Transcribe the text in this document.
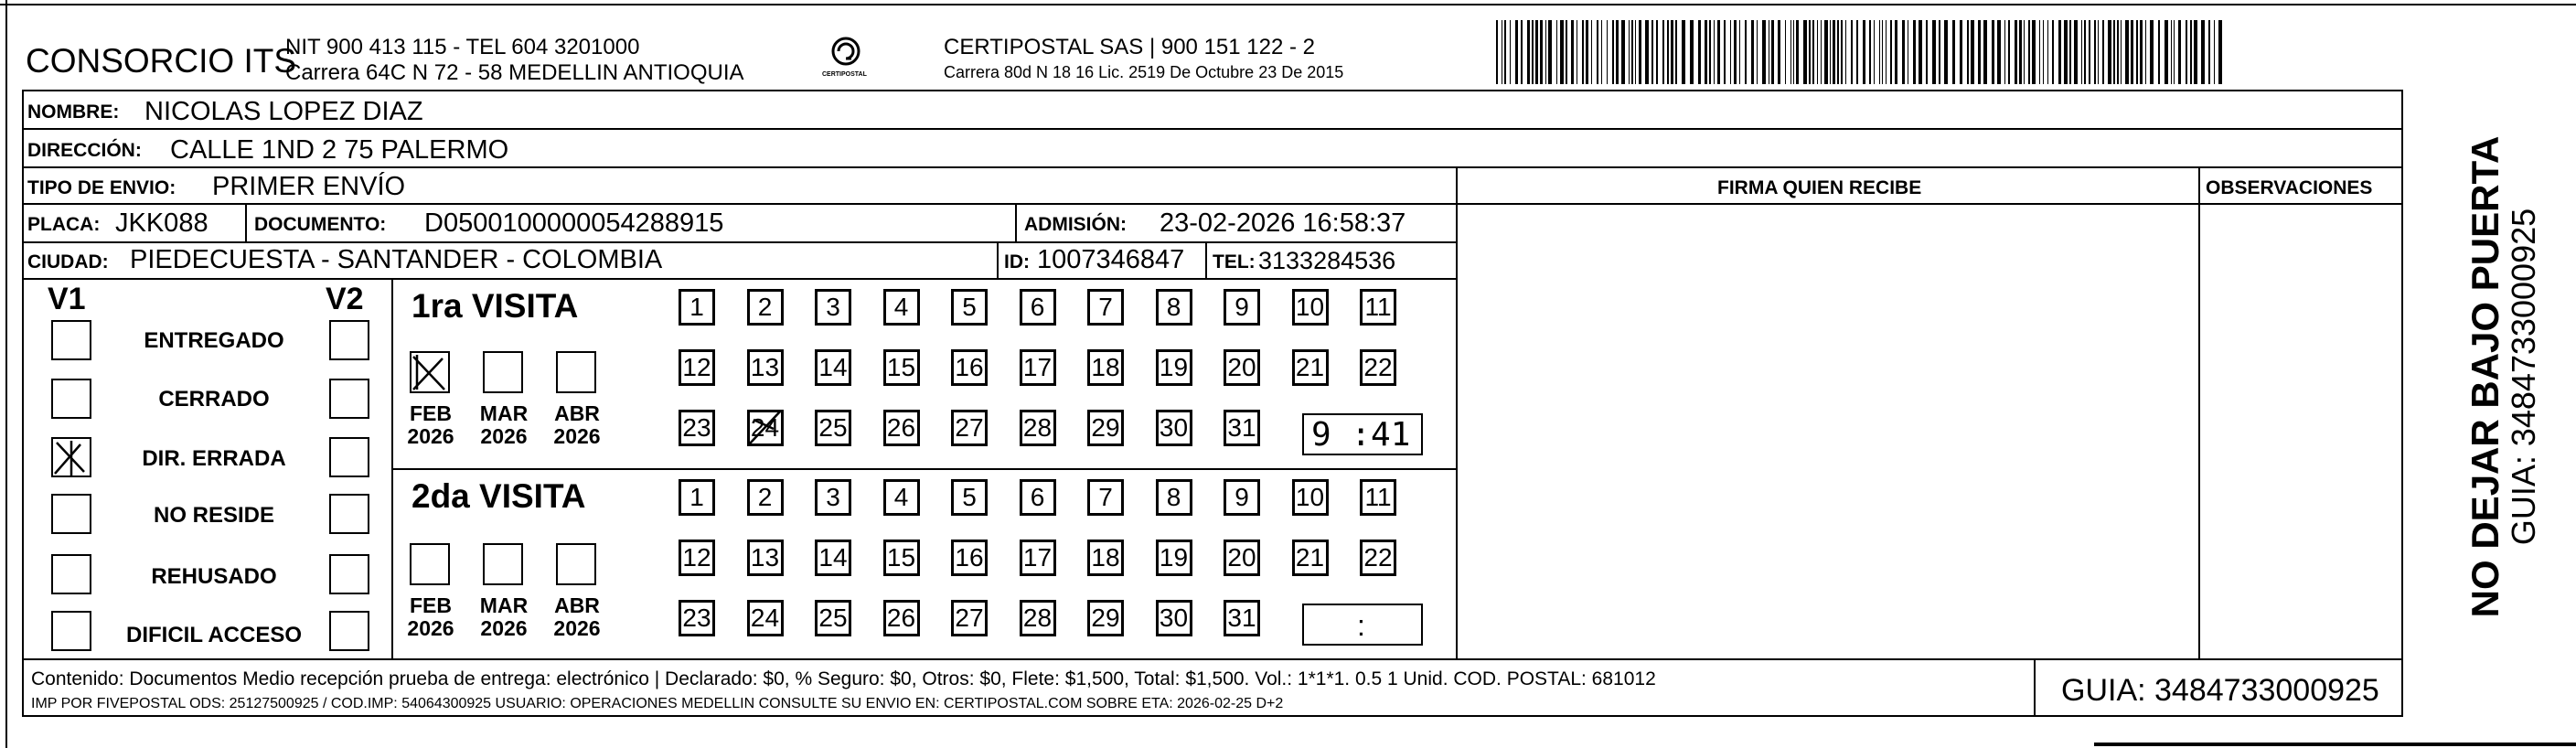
CONSORCIO ITS
NIT 900 413 115 - TEL 604 3201000
Carrera 64C N 72 - 58 MEDELLIN ANTIOQUIA	CERTIPOSTAL
CERTIPOSTAL SAS | 900 151 122 - 2
Carrera 80d N 18 16 Lic. 2519 De Octubre 23 De 2015
NOMBRE: NICOLAS LOPEZ DIAZ
DIRECCIÓN: CALLE 1ND 2 75 PALERMO
TIPO DE ENVIO: PRIMER ENVÍO	FIRMA QUIEN RECIBE	OBSERVACIONES
PLACA: JKK088 DOCUMENTO: D0500100000054288915	ADMISIÓN: 23-02-2026 16:58:37
CIUDAD: PIEDECUESTA - SANTANDER - COLOMBIA	ID: 1007346847 TEL: 3133284536
V1	V2
ENTREGADO
CERRADO
DIR. ERRADA
NO RESIDE
REHUSADO
DIFICIL ACCESO
1ra VISITA
FEB
2026
MAR
2026
ABR
2026
1	2	3	4	5	6	7	8	9	10 11
12 13 14 15 16 17 18 19 20 21 22
23 24 25 26 27 28 29 30 31 9 :41
2da VISITA
FEB
2026
MAR
2026
ABR
2026
1	2	3	4	5	6	7	8	9	10 11
12 13 14 15 16 17 18 19 20 21 22
23 24 25 26 27 28 29 30 31	:
Contenido: Documentos Medio recepción prueba de entrega: electrónico | Declarado: $0, % Seguro: $0, Otros: $0, Flete: $1,500, Total: $1,500. Vol.: 1*1*1. 0.5 1 Unid. COD. POSTAL: 681012
IMP POR FIVEPOSTAL ODS: 25127500925 / COD.IMP: 54064300925 USUARIO: OPERACIONES MEDELLIN CONSULTE SU ENVIO EN: CERTIPOSTAL.COM SOBRE ETA: 2026-02-25 D+2	GUIA: 3484733000925
NO DEJAR BAJO PUERTA
GUIA: 3484733000925
